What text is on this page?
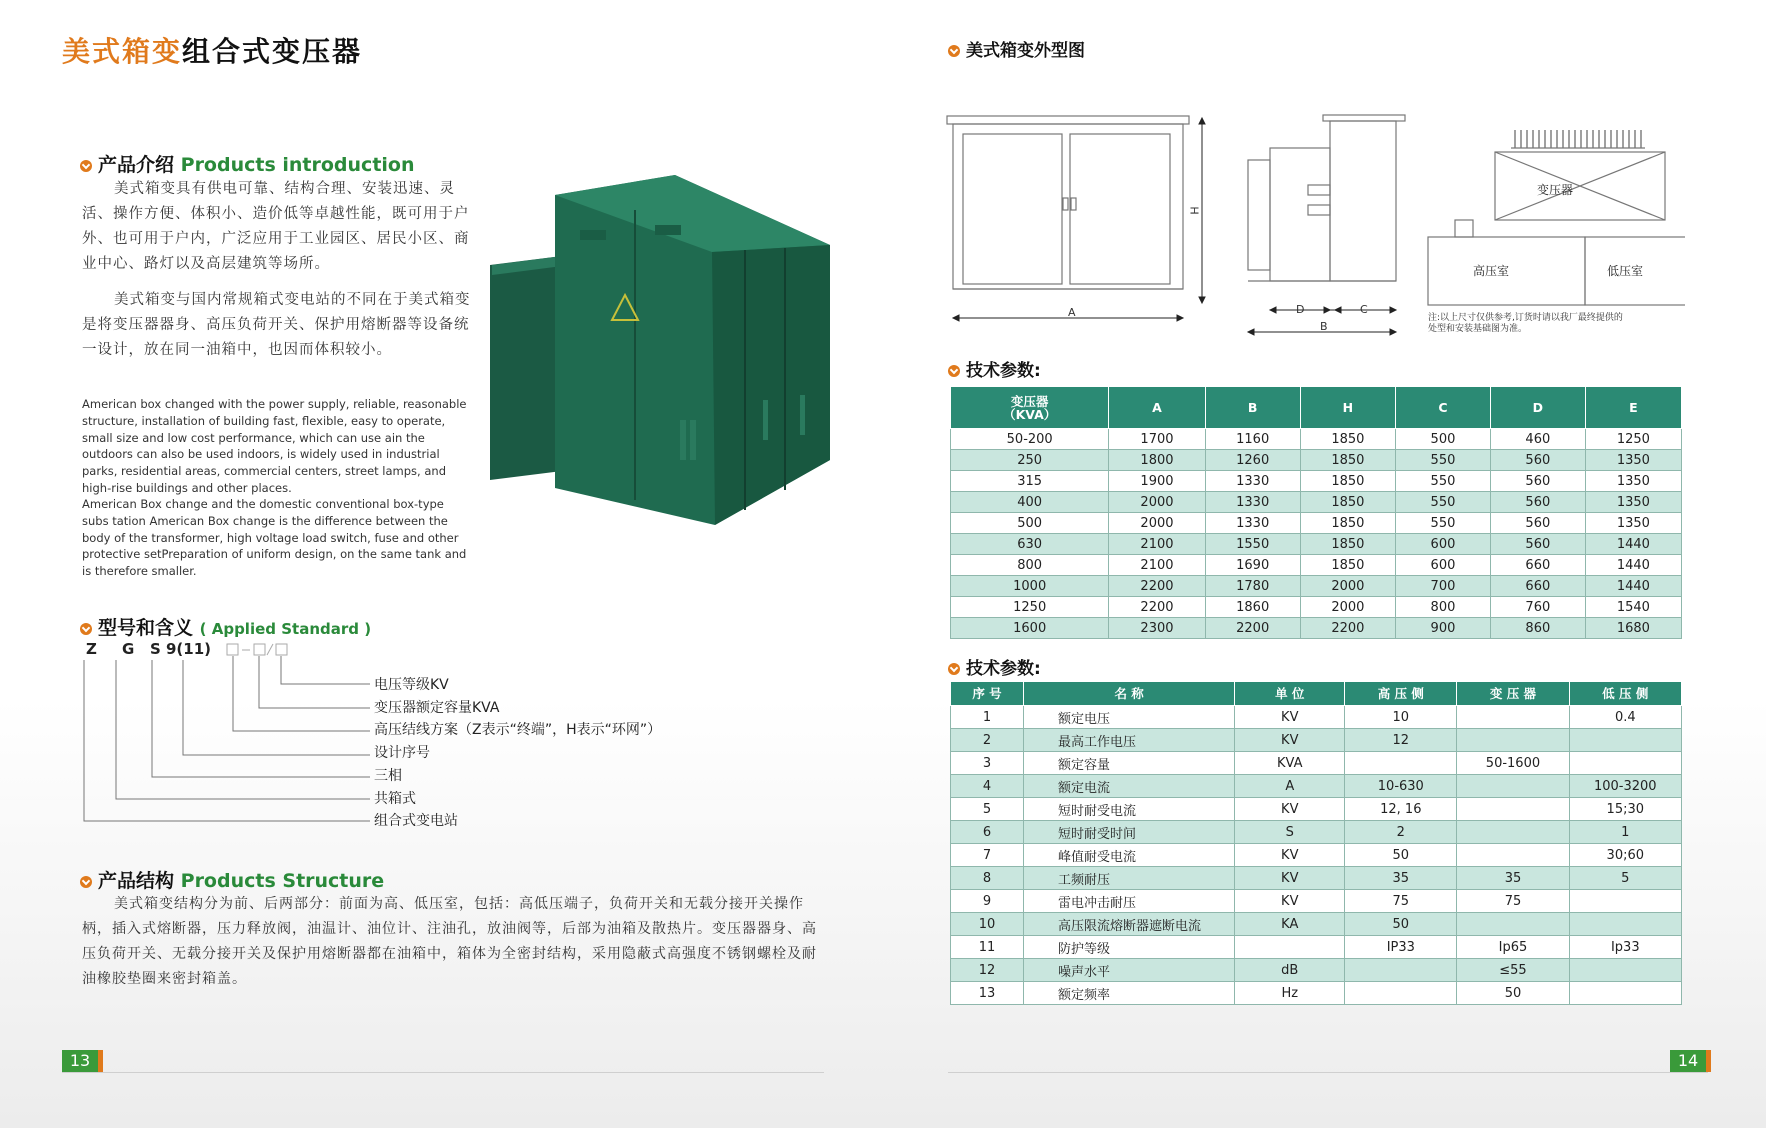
美式箱变组合式变压器
产品介绍 Products introduction
美式箱变具有供电可靠、结构合理、安装迅速、灵活、操作方便、体积小、造价低等卓越性能，既可用于户外、也可用于户内，广泛应用于工业园区、居民小区、商业中心、路灯以及高层建筑等场所。
美式箱变与国内常规箱式变电站的不同在于美式箱变是将变压器器身、高压负荷开关、保护用熔断器等设备统一设计，放在同一油箱中，也因而体积较小。
American box changed with the power supply, reliable, reasonable structure, installation of building fast, flexible, easy to operate, small size and low cost performance, which can use ain the outdoors can also be used indoors, is widely used in industrial parks, residential areas, commercial centers, street lamps, and high-rise buildings and other places.
American Box change and the domestic conventional box-type subs tation American Box change is the difference between the body of the transformer, high voltage load switch, fuse and other protective setPreparation of uniform design, on the same tank and is therefore smaller.
型号和含义 ( Applied Standard )
Z G S 9(11)
电压等级KV
变压器额定容量KVA
高压结线方案（Z表示“终端”，H表示“环网”）
设计序号
三相
共箱式
组合式变电站
产品结构 Products Structure
美式箱变结构分为前、后两部分：前面为高、低压室，包括：高低压端子，负荷开关和无载分接开关操作柄，插入式熔断器，压力释放阀，油温计、油位计、注油孔，放油阀等，后部为油箱及散热片。变压器器身、高压负荷开关、无载分接开关及保护用熔断器都在油箱中，箱体为全密封结构，采用隐蔽式高强度不锈钢螺栓及耐油橡胶垫圈来密封箱盖。
13
美式箱变外型图
A
H
D	C
B
变压器
高压室	低压室
注:以上尺寸仅供参考,订货时请以我厂最终提供的
处型和安装基础图为准。
技术参数:
变压器
（KVA）	A	B	H	C	D	E
50-200	1700	1160	1850	500	460	1250
250	1800	1260	1850	550	560	1350
315	1900	1330	1850	550	560	1350
400	2000	1330	1850	550	560	1350
500	2000	1330	1850	550	560	1350
630	2100	1550	1850	600	560	1440
800	2100	1690	1850	600	660	1440
1000	2200	1780	2000	700	660	1440
1250	2200	1860	2000	800	760	1540
1600	2300	2200	2200	900	860	1680
技术参数:
序 号	名 称	单 位	高 压 侧	变 压 器	低 压 侧
1	额定电压	KV	10		0.4
2	最高工作电压	KV	12		
3	额定容量	KVA		50-1600	
4	额定电流	A	10-630		100-3200
5	短时耐受电流	KV	12, 16		15;30
6	短时耐受时间	S	2		1
7	峰值耐受电流	KV	50		30;60
8	工频耐压	KV	35	35	5
9	雷电冲击耐压	KV	75	75	
10	高压限流熔断器遮断电流	KA	50		
11	防护等级		IP33	Ip65	Ip33
12	噪声水平	dB		≤55	
13	额定频率	Hz		50	
14
